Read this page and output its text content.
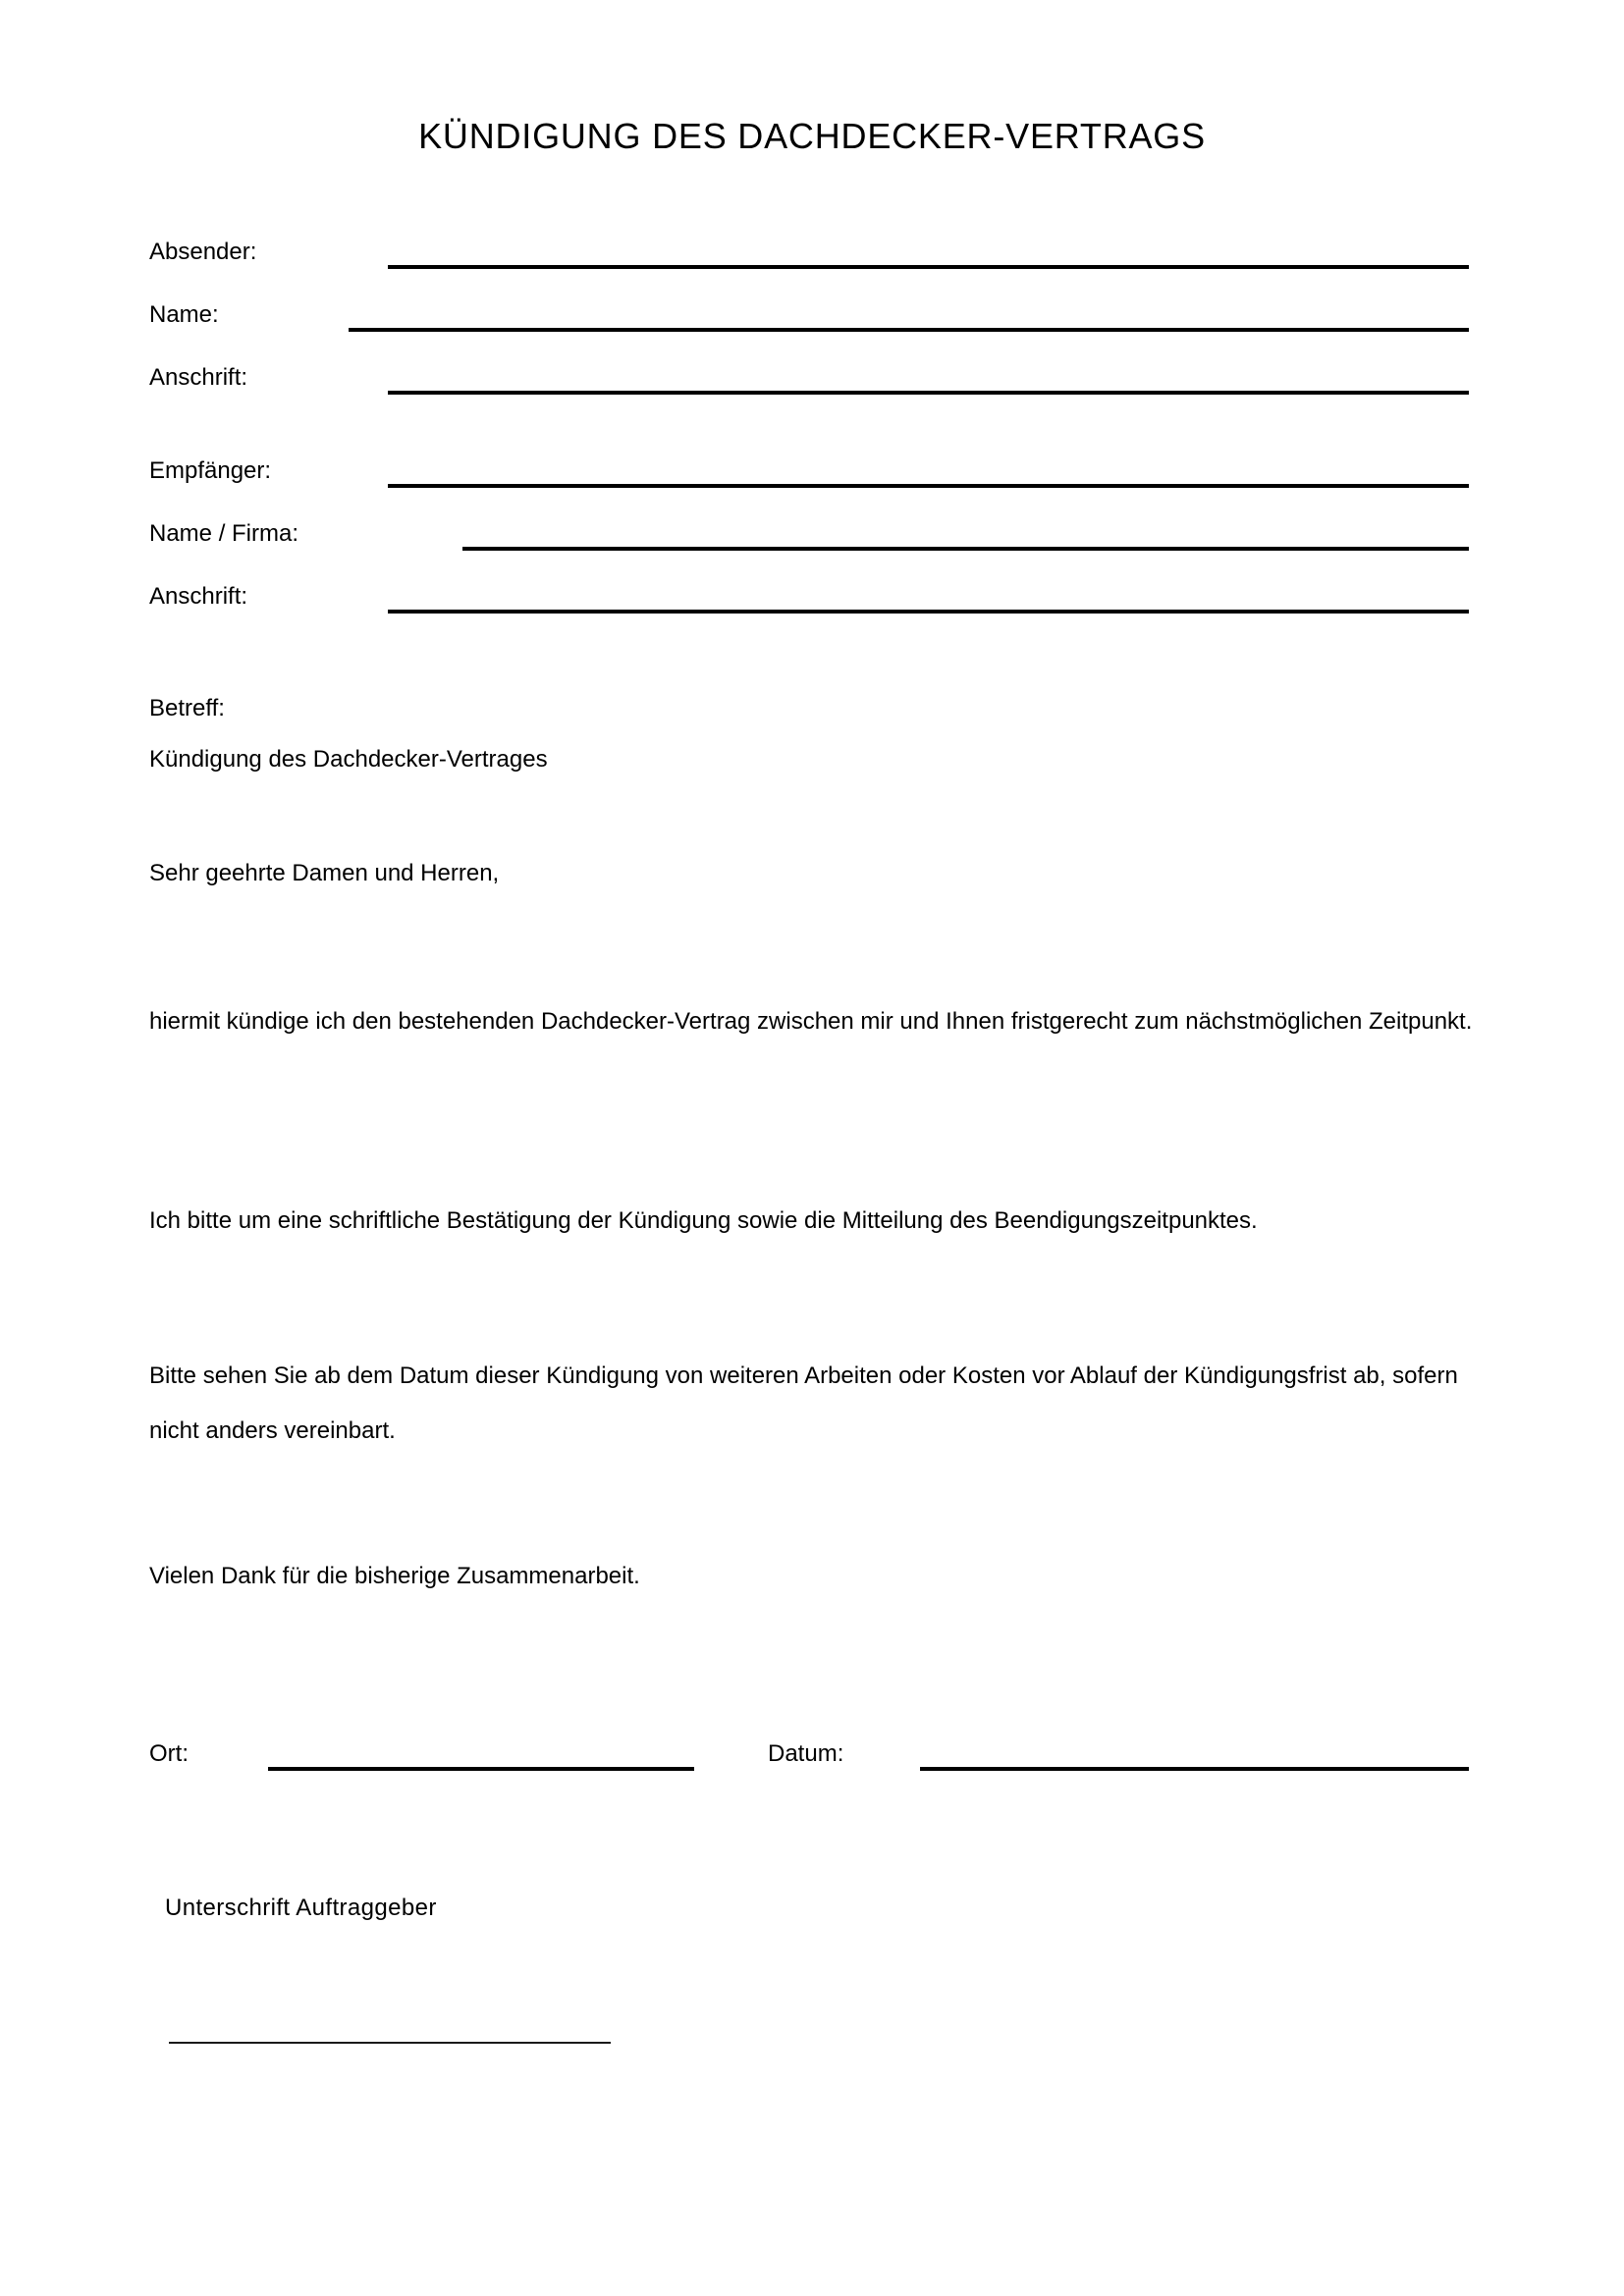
KÜNDIGUNG DES DACHDECKER-VERTRAGS
Absender:
Name:
Anschrift:
Empfänger:
Name / Firma:
Anschrift:
Betreff:
Kündigung des Dachdecker-Vertrages
Sehr geehrte Damen und Herren,
hiermit kündige ich den bestehenden Dachdecker-Vertrag zwischen mir und Ihnen fristgerecht zum nächstmöglichen Zeitpunkt.
Ich bitte um eine schriftliche Bestätigung der Kündigung sowie die Mitteilung des Beendigungszeitpunktes.
Bitte sehen Sie ab dem Datum dieser Kündigung von weiteren Arbeiten oder Kosten vor Ablauf der Kündigungsfrist ab, sofern nicht anders vereinbart.
Vielen Dank für die bisherige Zusammenarbeit.
Ort:	Datum:
Unterschrift Auftraggeber
